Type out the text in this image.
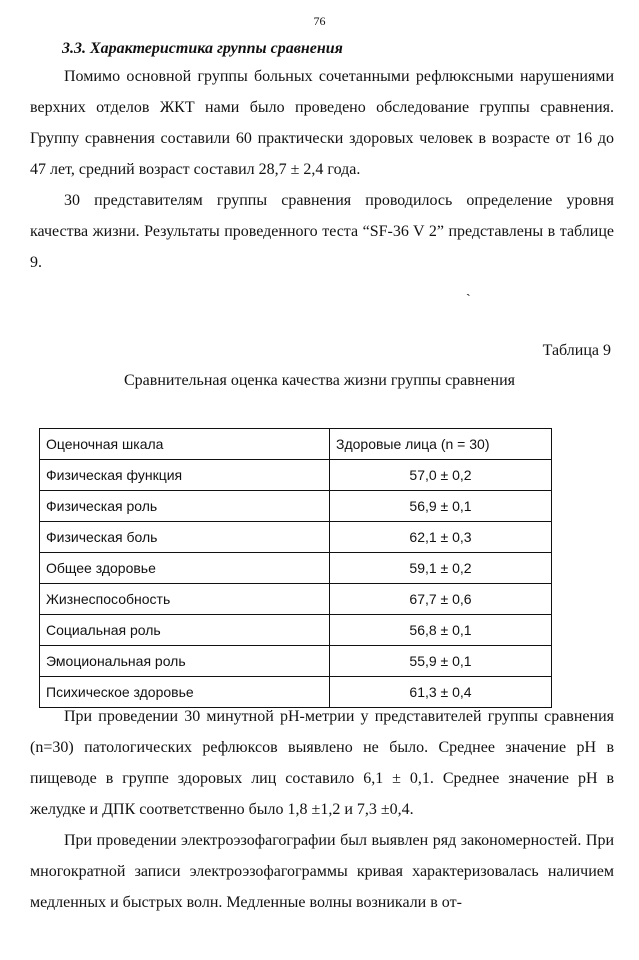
76
3.3. Характеристика группы сравнения

Помимо основной группы больных сочетанными рефлюксными нарушениями верхних отделов ЖКТ нами было проведено обследование группы сравнения. Группу сравнения составили 60 практически здоровых человек в возрасте от 16 до 47 лет, средний возраст составил 28,7 ± 2,4 года.

30 представителям группы сравнения проводилось определение уровня качества жизни. Результаты проведенного теста “SF-36 V 2” представлены в таблице 9.

ˏ
Таблица 9
Сравнительная оценка качества жизни группы сравнения
Оценочная шкала	Здоровые лица (n = 30)
Физическая функция	57,0 ± 0,2
Физическая роль	56,9 ± 0,1
Физическая боль	62,1 ± 0,3
Общее здоровье	59,1 ± 0,2
Жизнеспособность	67,7 ± 0,6
Социальная роль	56,8 ± 0,1
Эмоциональная роль	55,9 ± 0,1
Психическое здоровье	61,3 ± 0,4

При проведении 30 минутной pH-метрии у представителей группы сравнения (n=30) патологических рефлюксов выявлено не было. Среднее значение pH в пищеводе в группе здоровых лиц составило 6,1 ± 0,1. Среднее значение pH в желудке и ДПК соответственно было 1,8 ±1,2 и 7,3 ±0,4.

При проведении электроэзофагографии был выявлен ряд закономерностей. При многократной записи электроэзофагограммы кривая характеризовалась наличием медленных и быстрых волн. Медленные волны возникали в от-
